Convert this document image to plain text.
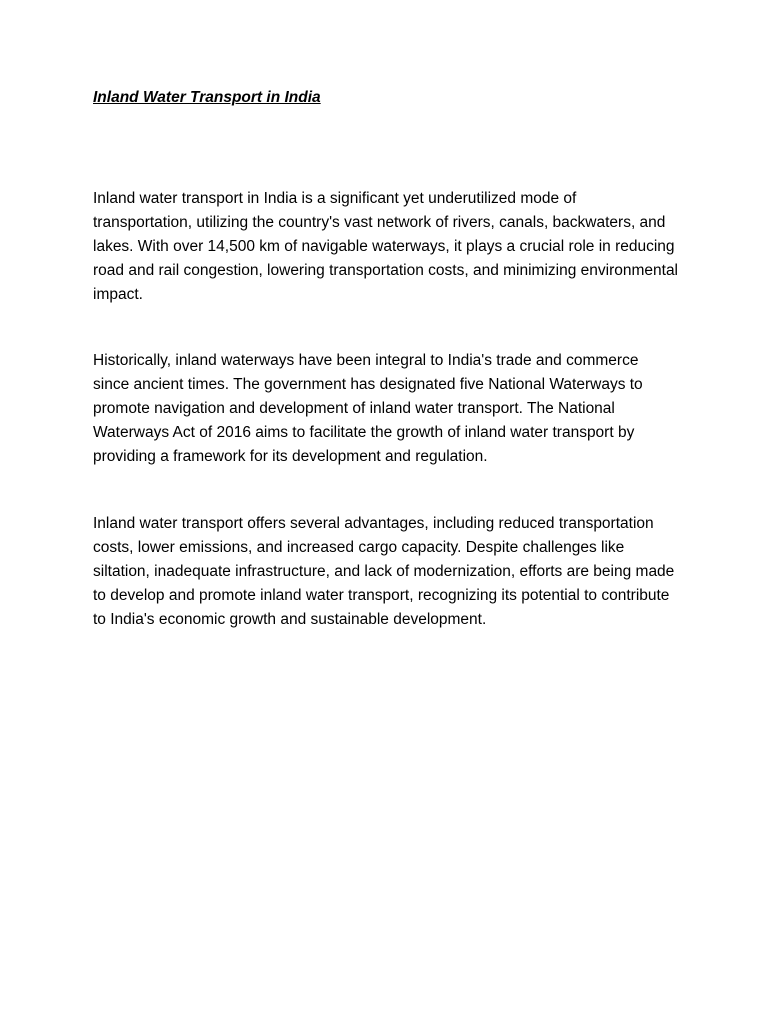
Inland Water Transport in India

Inland water transport in India is a significant yet underutilized mode of transportation, utilizing the country's vast network of rivers, canals, backwaters, and lakes. With over 14,500 km of navigable waterways, it plays a crucial role in reducing road and rail congestion, lowering transportation costs, and minimizing environmental impact.

Historically, inland waterways have been integral to India's trade and commerce since ancient times. The government has designated five National Waterways to promote navigation and development of inland water transport. The National Waterways Act of 2016 aims to facilitate the growth of inland water transport by providing a framework for its development and regulation.

Inland water transport offers several advantages, including reduced transportation costs, lower emissions, and increased cargo capacity. Despite challenges like siltation, inadequate infrastructure, and lack of modernization, efforts are being made to develop and promote inland water transport, recognizing its potential to contribute to India's economic growth and sustainable development.
